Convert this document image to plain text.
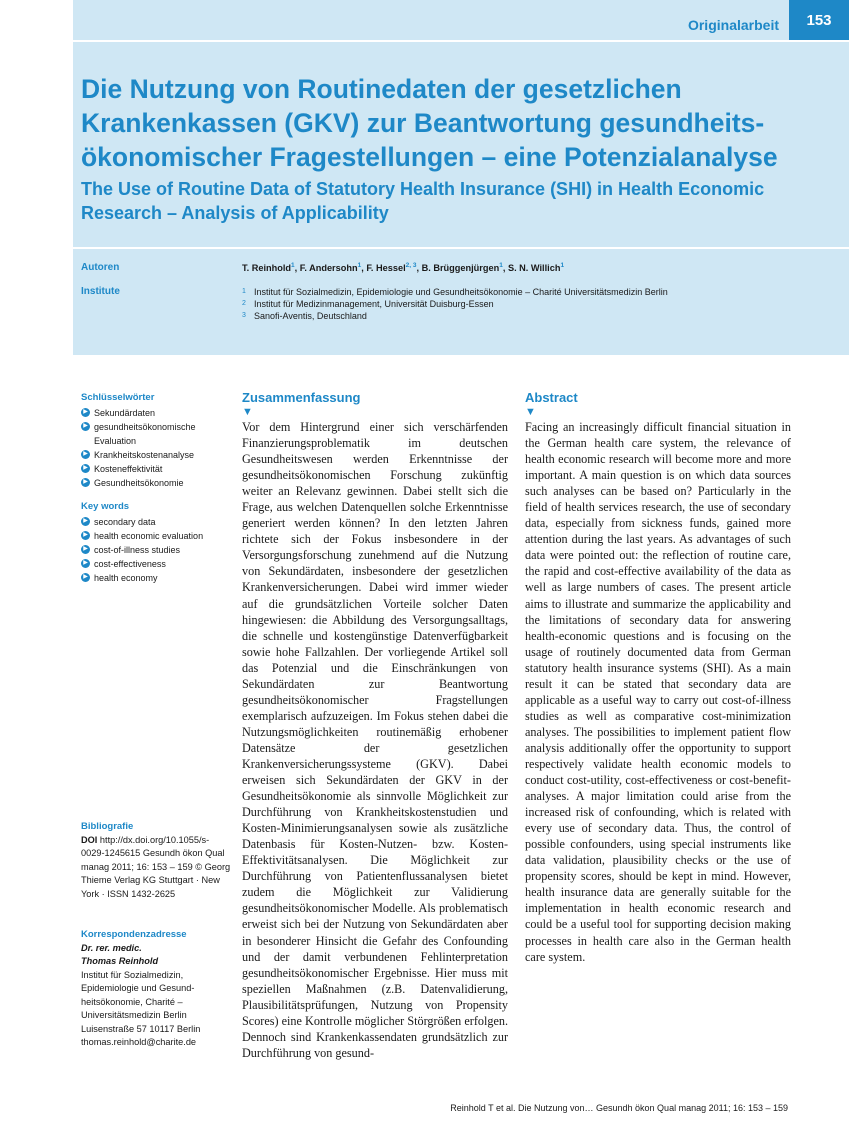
Originalarbeit	153
Die Nutzung von Routinedaten der gesetzlichen Krankenkassen (GKV) zur Beantwortung gesundheits-ökonomischer Fragestellungen – eine Potenzialanalyse
The Use of Routine Data of Statutory Health Insurance (SHI) in Health Economic Research – Analysis of Applicability
Autoren
Institute
T. Reinhold$^1$, F. Andersohn$^1$, F. Hessel$^{2, 3}$, B. Brüggenjürgen$^1$, S. N. Willich$^1$
1 Institut für Sozialmedizin, Epidemiologie und Gesundheitsökonomie – Charité Universitätsmedizin Berlin
2 Institut für Medizinmanagement, Universität Duisburg-Essen
3 Sanofi-Aventis, Deutschland
Schlüsselwörter
▶ Sekundärdaten
▶ gesundheitsökonomische Evaluation
▶ Krankheitskostenanalyse
▶ Kosteneffektivität
▶ Gesundheitsökonomie
Key words
▶ secondary data
▶ health economic evaluation
▶ cost-of-illness studies
▶ cost-effectiveness
▶ health economy
Bibliografie
DOI http://dx.doi.org/10.1055/s-0029-1245615 Gesundh ökon Qual manag 2011; 16: 153 – 159 © Georg Thieme Verlag KG Stuttgart · New York · ISSN 1432-2625
Korrespondenzadresse
Dr. rer. medic.
Thomas Reinhold
Institut für Sozialmedizin, Epidemiologie und Gesund-heitsökonomie, Charité – Universitätsmedizin Berlin Luisenstraße 57 10117 Berlin thomas.reinhold@charite.de
Zusammenfassung
▼

Vor dem Hintergrund einer sich verschärfenden Finanzierungsproblematik im deutschen Gesundheitswesen werden Erkenntnisse der gesundheitsökonomischen Forschung zukünftig weiter an Relevanz gewinnen. Dabei stellt sich die Frage, aus welchen Datenquellen solche Erkenntnisse generiert werden können? In den letzten Jahren richtete sich der Fokus insbesondere in der Versorgungsforschung zunehmend auf die Nutzung von Sekundärdaten, insbesondere der gesetzlichen Krankenversicherungen. Dabei wird immer wieder auf die grundsätzlichen Vorteile solcher Daten hingewiesen: die Abbildung des Versorgungsalltags, die schnelle und kostengünstige Datenverfügbarkeit sowie hohe Fallzahlen. Der vorliegende Artikel soll das Potenzial und die Einschränkungen von Sekundärdaten zur Beantwortung gesundheitsökonomischer Fragstellungen exemplarisch aufzuzeigen. Im Fokus stehen dabei die Nutzungsmöglichkeiten routinemäßig erhobener Datensätze der gesetzlichen Krankenversicherungssysteme (GKV). Dabei erweisen sich Sekundärdaten der GKV in der Gesundheitsökonomie als sinnvolle Möglichkeit zur Durchführung von Krankheitskostenstudien und Kosten-Minimierungsanalysen sowie als zusätzliche Datenbasis für Kosten-Nutzen- bzw. Kosten-Effektivitätsanalysen. Die Möglichkeit zur Durchführung von Patientenflussanalysen bietet zudem die Möglichkeit zur Validierung gesundheitsökonomischer Modelle. Als problematisch erweist sich bei der Nutzung von Sekundärdaten aber in besonderer Hinsicht die Gefahr des Confounding und der damit verbundenen Fehlinterpretation gesundheitsökonomischer Ergebnisse. Hier muss mit speziellen Maßnahmen (z.B. Datenvalidierung, Plausibilitätsprüfungen, Nutzung von Propensity Scores) eine Kontrolle möglicher Störgrößen erfolgen. Dennoch sind Krankenkassendaten grundsätzlich zur Durchführung von gesund-

Abstract
▼

Facing an increasingly difficult financial situation in the German health care system, the relevance of health economic research will become more and more important. A main question is on which data sources such analyses can be based on? Particularly in the field of health services research, the use of secondary data, especially from sickness funds, gained more attention during the last years. As advantages of such data were pointed out: the reflection of routine care, the rapid and cost-effective availability of the data as well as large numbers of cases. The present article aims to illustrate and summarize the applicability and the limitations of secondary data for answering health-economic questions and is focusing on the usage of routinely documented data from German statutory health insurance systems (SHI). As a main result it can be stated that secondary data are applicable as a useful way to carry out cost-of-illness studies as well as comparative cost-minimization analyses. The possibilities to implement patient flow analysis additionally offer the opportunity to support respectively validate health economic models to conduct cost-utility, cost-effectiveness or cost-benefit-analyses. A major limitation could arise from the increased risk of confounding, which is related with every use of secondary data. Thus, the control of possible confounders, using special instruments like data validation, plausibility checks or the use of propensity scores, should be kept in mind. However, health insurance data are generally suitable for the implementation in health economic research and could be a useful tool for supporting decision making processes in health care also in the German health care system.

Reinhold T et al. Die Nutzung von… Gesundh ökon Qual manag 2011; 16: 153 – 159
